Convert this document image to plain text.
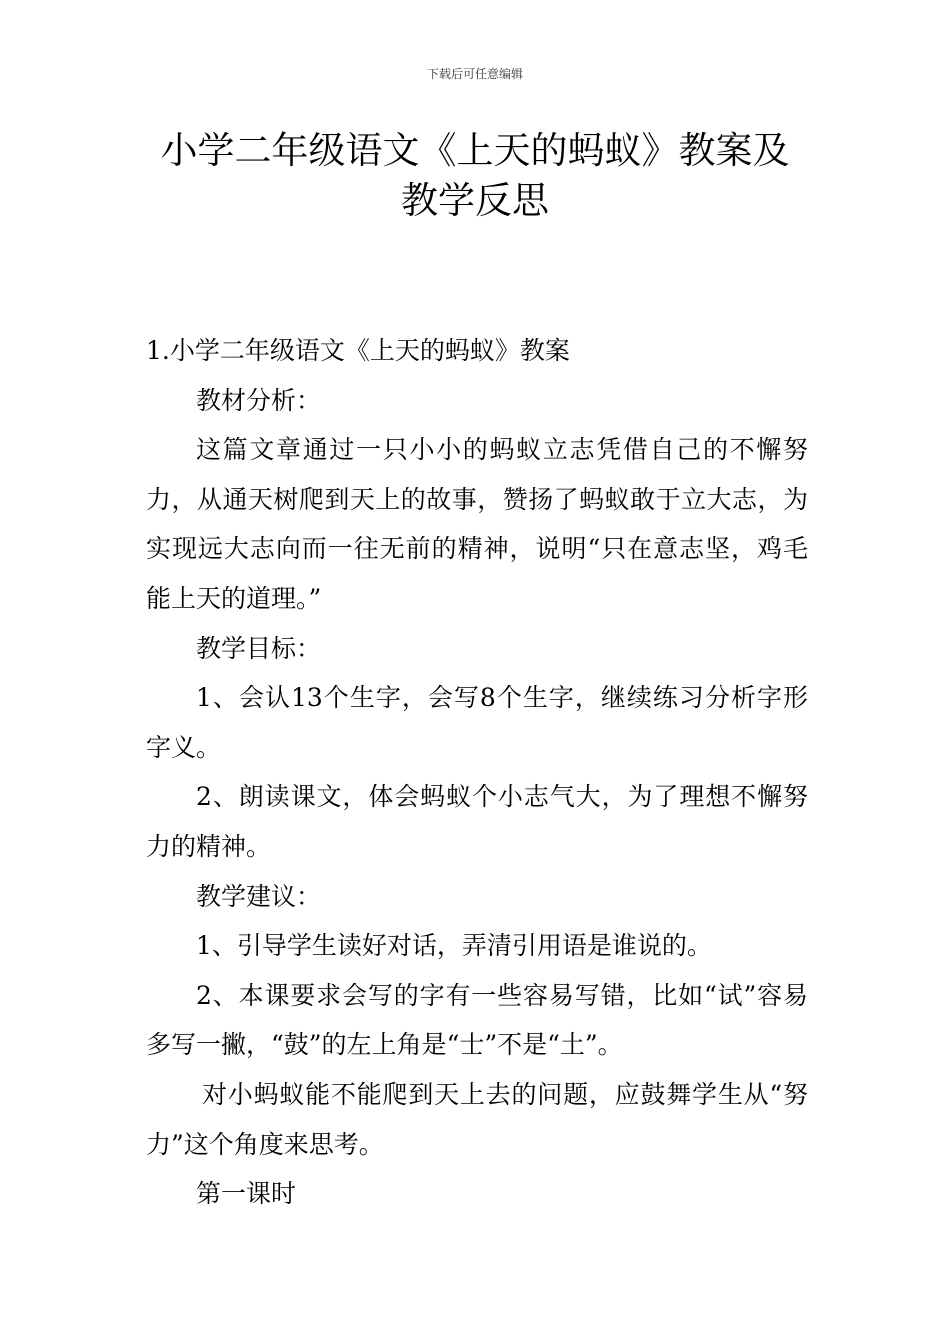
下载后可任意编辑
小学二年级语文《上天的蚂蚁》教案及教学反思

1.小学二年级语文《上天的蚂蚁》教案

教材分析：

这篇文章通过一只小小的蚂蚁立志凭借自己的不懈努力，从通天树爬到天上的故事，赞扬了蚂蚁敢于立大志，为实现远大志向而一往无前的精神，说明“只在意志坚，鸡毛能上天的道理。”

教学目标：

1、会认13个生字，会写8个生字，继续练习分析字形字义。

2、朗读课文，体会蚂蚁个小志气大，为了理想不懈努力的精神。

教学建议：

1、引导学生读好对话，弄清引用语是谁说的。

2、本课要求会写的字有一些容易写错，比如“试”容易多写一撇，“鼓”的左上角是“士”不是“土”。

对小蚂蚁能不能爬到天上去的问题，应鼓舞学生从“努力”这个角度来思考。

第一课时
